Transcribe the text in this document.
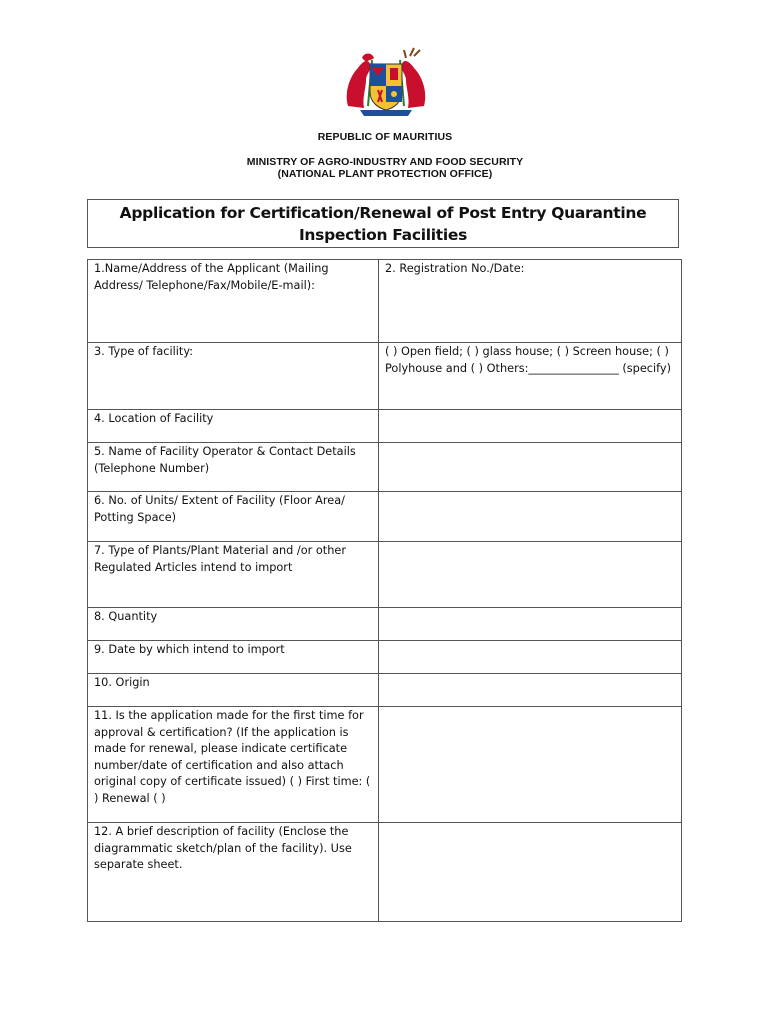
REPUBLIC OF MAURITIUS
MINISTRY OF AGRO-INDUSTRY AND FOOD SECURITY
(NATIONAL PLANT PROTECTION OFFICE)
Application for Certification/Renewal of Post Entry Quarantine Inspection Facilities
1.Name/Address of the Applicant (Mailing Address/ Telephone/Fax/Mobile/E-mail):	2. Registration No./Date:
3. Type of facility:	( ) Open field; ( ) glass house; ( ) Screen house; ( ) Polyhouse and ( ) Others:________________ (specify)
4. Location of Facility	
5. Name of Facility Operator & Contact Details (Telephone Number)	
6. No. of Units/ Extent of Facility (Floor Area/ Potting Space)	
7. Type of Plants/Plant Material and /or other Regulated Articles intend to import	
8. Quantity	
9. Date by which intend to import	
10. Origin	
11. Is the application made for the first time for approval & certification? (If the application is made for renewal, please indicate certificate number/date of certification and also attach original copy of certificate issued) ( ) First time: ( ) Renewal ( )	
12. A brief description of facility (Enclose the diagrammatic sketch/plan of the facility). Use separate sheet.	
